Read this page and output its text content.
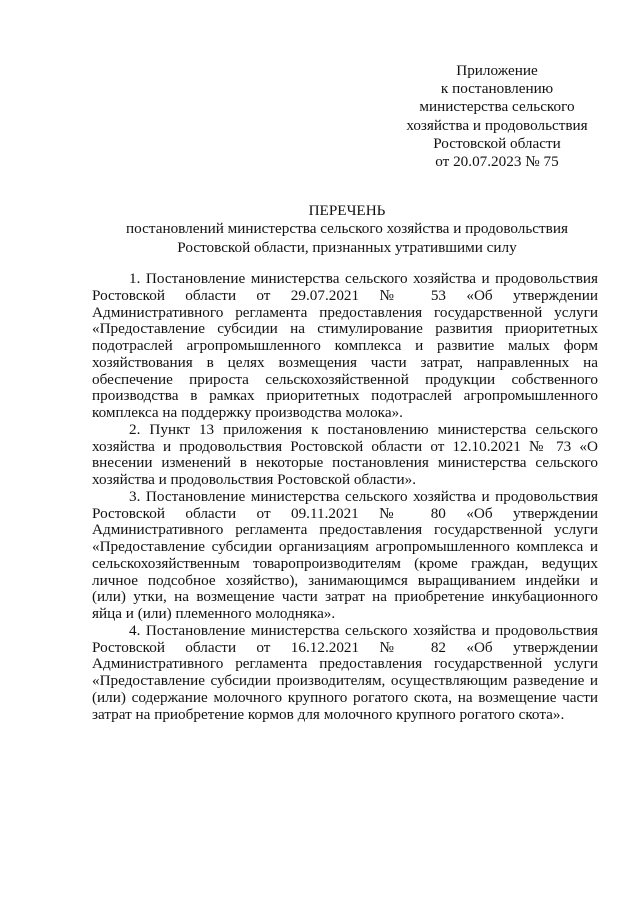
Приложение
к постановлению
министерства сельского
хозяйства и продовольствия
Ростовской области
от 20.07.2023 № 75
ПЕРЕЧЕНЬ
постановлений министерства сельского хозяйства и продовольствия
Ростовской области, признанных утратившими силу

1. Постановление министерства сельского хозяйства и продовольствия Ростовской области от 29.07.2021 № 53 «Об утверждении Административного регламента предоставления государственной услуги «Предоставление субсидии на стимулирование развития приоритетных подотраслей агропромышленного комплекса и развитие малых форм хозяйствования в целях возмещения части затрат, направленных на обеспечение прироста сельскохозяйственной продукции собственного производства в рамках приоритетных подотраслей агропромышленного комплекса на поддержку производства молока».

2. Пункт 13 приложения к постановлению министерства сельского хозяйства и продовольствия Ростовской области от 12.10.2021 № 73 «О внесении изменений в некоторые постановления министерства сельского хозяйства и продовольствия Ростовской области».

3. Постановление министерства сельского хозяйства и продовольствия Ростовской области от 09.11.2021 № 80 «Об утверждении Административного регламента предоставления государственной услуги «Предоставление субсидии организациям агропромышленного комплекса и сельскохозяйственным товаропроизводителям (кроме граждан, ведущих личное подсобное хозяйство), занимающимся выращиванием индейки и (или) утки, на возмещение части затрат на приобретение инкубационного яйца и (или) племенного молодняка».

4. Постановление министерства сельского хозяйства и продовольствия Ростовской области от 16.12.2021 № 82 «Об утверждении Административного регламента предоставления государственной услуги «Предоставление субсидии производителям, осуществляющим разведение и (или) содержание молочного крупного рогатого скота, на возмещение части затрат на приобретение кормов для молочного крупного рогатого скота».
